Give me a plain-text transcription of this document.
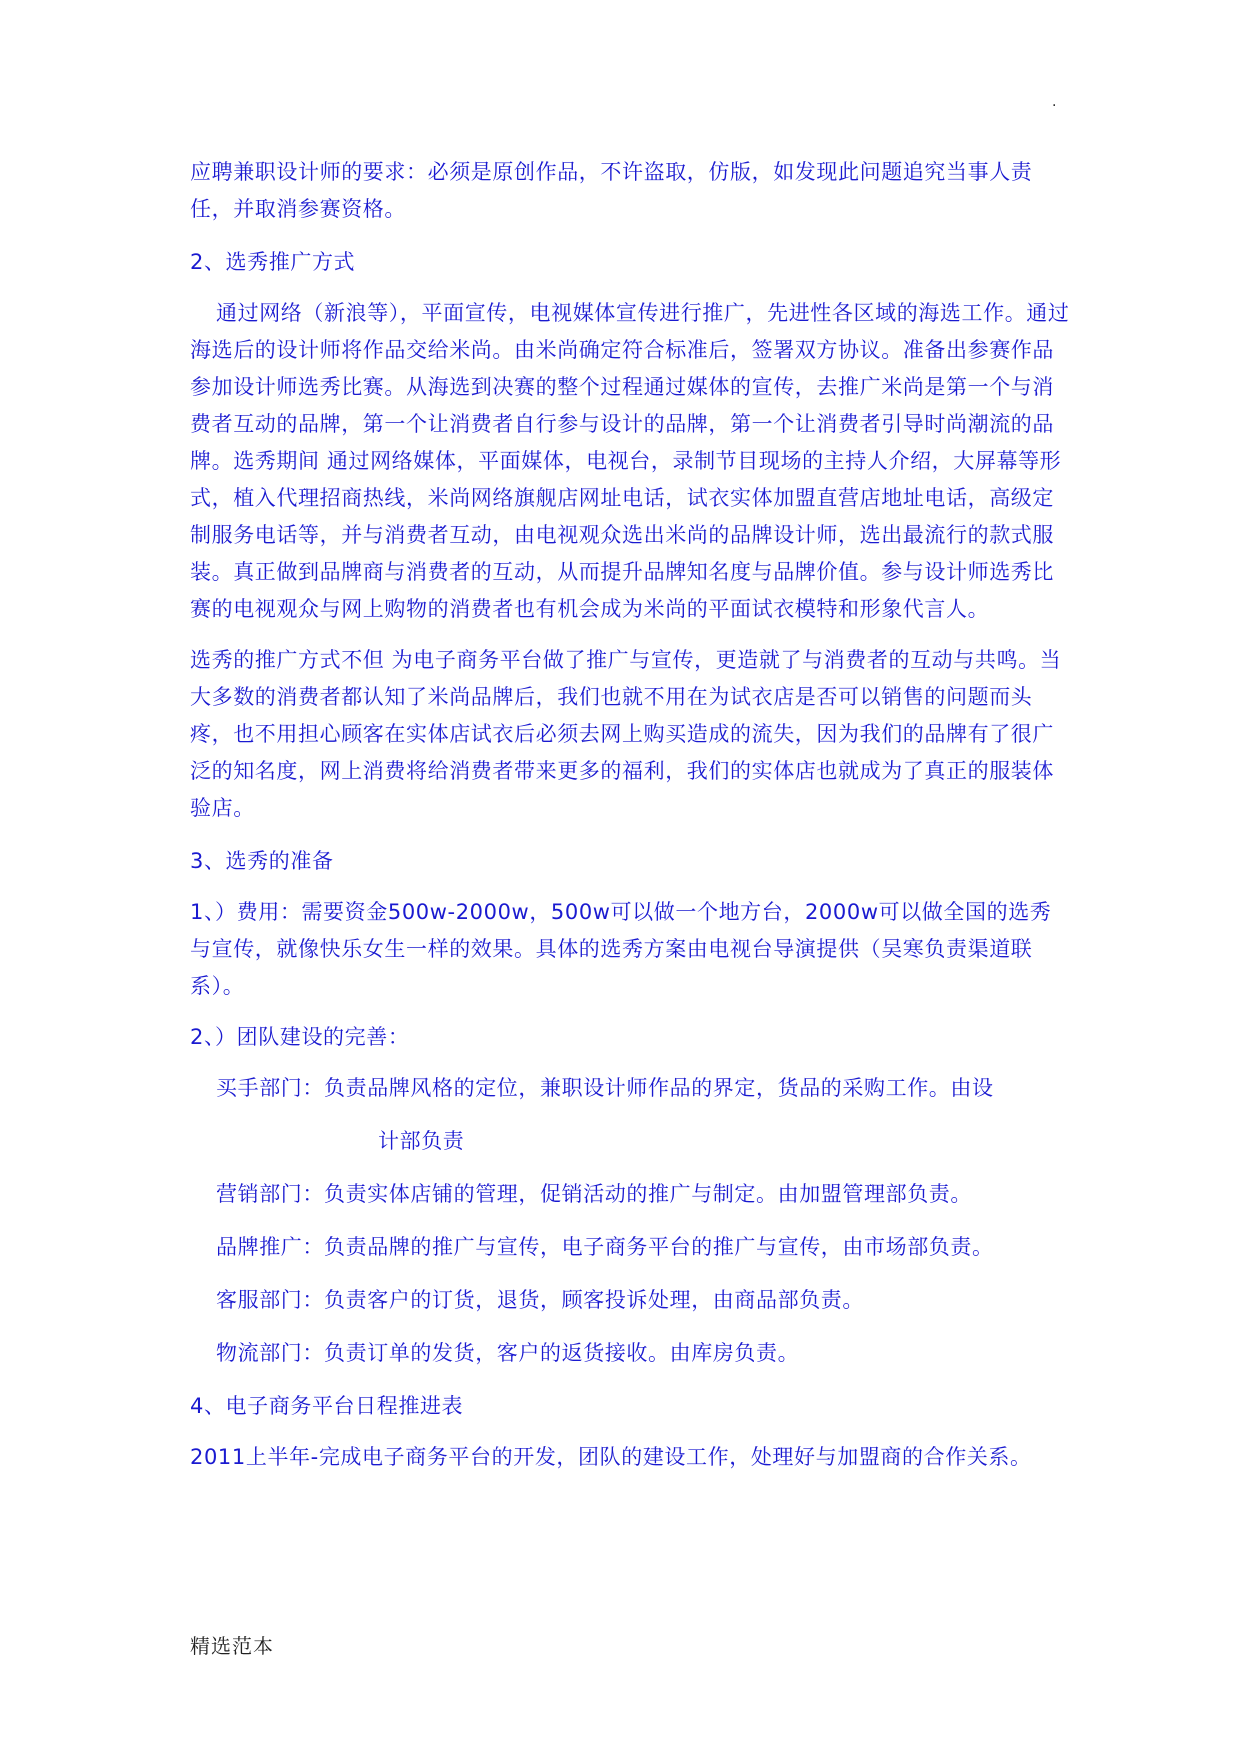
.

应聘兼职设计师的要求：必须是原创作品，不许盗取，仿版，如发现此问题追究当事人责任，并取消参赛资格。

2、选秀推广方式

通过网络（新浪等），平面宣传，电视媒体宣传进行推广，先进性各区域的海选工作。通过海选后的设计师将作品交给米尚。由米尚确定符合标准后，签署双方协议。准备出参赛作品参加设计师选秀比赛。从海选到决赛的整个过程通过媒体的宣传，去推广米尚是第一个与消费者互动的品牌，第一个让消费者自行参与设计的品牌，第一个让消费者引导时尚潮流的品牌。选秀期间 通过网络媒体，平面媒体，电视台，录制节目现场的主持人介绍，大屏幕等形式，植入代理招商热线，米尚网络旗舰店网址电话，试衣实体加盟直营店地址电话，高级定制服务电话等，并与消费者互动，由电视观众选出米尚的品牌设计师，选出最流行的款式服装。真正做到品牌商与消费者的互动，从而提升品牌知名度与品牌价值。参与设计师选秀比赛的电视观众与网上购物的消费者也有机会成为米尚的平面试衣模特和形象代言人。

选秀的推广方式不但 为电子商务平台做了推广与宣传，更造就了与消费者的互动与共鸣。当大多数的消费者都认知了米尚品牌后，我们也就不用在为试衣店是否可以销售的问题而头疼，也不用担心顾客在实体店试衣后必须去网上购买造成的流失，因为我们的品牌有了很广泛的知名度，网上消费将给消费者带来更多的福利，我们的实体店也就成为了真正的服装体验店。

3、选秀的准备

1、）费用：需要资金500w-2000w，500w可以做一个地方台，2000w可以做全国的选秀与宣传，就像快乐女生一样的效果。具体的选秀方案由电视台导演提供（吴寒负责渠道联系）。

2、）团队建设的完善：

买手部门：负责品牌风格的定位，兼职设计师作品的界定，货品的采购工作。由设
计部负责
营销部门：负责实体店铺的管理，促销活动的推广与制定。由加盟管理部负责。
品牌推广：负责品牌的推广与宣传，电子商务平台的推广与宣传，由市场部负责。
客服部门：负责客户的订货，退货，顾客投诉处理，由商品部负责。
物流部门：负责订单的发货，客户的返货接收。由库房负责。

4、电子商务平台日程推进表

2011上半年-完成电子商务平台的开发，团队的建设工作，处理好与加盟商的合作关系。

精选范本
